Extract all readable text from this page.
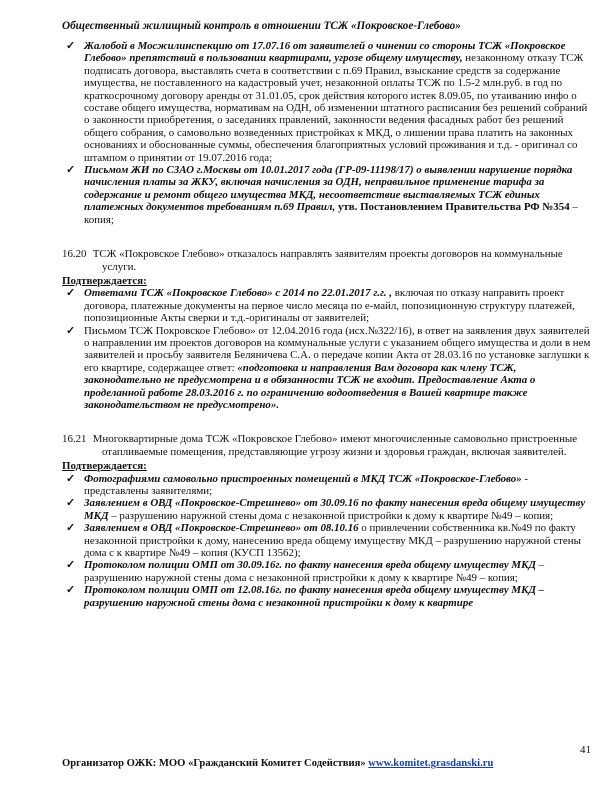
Общественный жилищный контроль в отношении ТСЖ «Покровское-Глебово»

✓ Жалобой в Мосжилинспекцию от 17.07.16 от заявителей о чинении со стороны ТСЖ «Покровское Глебово» препятствий в пользовании квартирами, угрозе общему имуществу, незаконному отказу ТСЖ подписать договора, выставлять счета в соответствии с п.69 Правил, взыскание средств за содержание имущества, не поставленного на кадастровый учет, незаконной оплаты ТСЖ по 1.5-2 млн.руб. в год по краткосрочному договору аренды от 31.01.05, срок действия которого истек 8.09.05, по утаиванию инфо о составе общего имущества, нормативам на ОДН, об изменении штатного расписания без решений собраний о законности приобретения, о заседаниях правлений, законности ведения фасадных работ без решений общего собрания, о самовольно возведенных пристройках к МКД, о лишении права платить на законных основаниях и обоснованные суммы, обеспечения благоприятных условий проживания и т.д. - оригинал со штампом о принятии от 19.07.2016 года;

✓ Письмом ЖИ по СЗАО г.Москвы от 10.01.2017 года (ГР-09-11198/17) о выявлении нарушение порядка начисления платы за ЖКУ, включая начисления за ОДН, неправильное применение тарифа за содержание и ремонт общего имущества МКД, несоответствие выставляемых ТСЖ единых платежных документов требованиям п.69 Правил, утв. Постановлением Правительства РФ №354 – копия;

16.20 ТСЖ «Покровское Глебово» отказалось направлять заявителям проекты договоров на коммунальные услуги.
Подтверждается:

✓ Ответами ТСЖ «Покровское Глебово» с 2014 по 22.01.2017 г.г. , включая по отказу направить проект договора, платежные документы на первое число месяца по e-майл, попозиционную структуру платежей, попозиционные Акты сверки и т.д.-оригиналы от заявителей;

✓ Письмом ТСЖ Покровское Глебово» от 12.04.2016 года (исх.№322/16), в ответ на заявления двух заявителей о направлении им проектов договоров на коммунальные услуги с указанием общего имущества и доли в нем заявителей и просьбу заявителя Беляничева С.А. о передаче копии Акта от 28.03.16 по установке заглушки к его квартире, содержащее ответ: «подготовка и направления Вам договора как члену ТСЖ, законодательно не предусмотрена и в обязанности ТСЖ не входит. Предоставление Акта о проделанной работе 28.03.2016 г. по ограничению водоотведения в Вашей квартире также законодательством не предусмотрено».

16.21 Многоквартирные дома ТСЖ «Покровское Глебово» имеют многочисленные самовольно пристроенные отапливаемые помещения, представляющие угрозу жизни и здоровья граждан, включая заявителей.
Подтверждается:

✓ Фотографиями самовольно пристроенных помещений в МКД ТСЖ «Покровское-Глебово» - представлены заявителями;

✓ Заявлением в ОВД «Покровское-Стрешнево» от 30.09.16 по факту нанесения вреда общему имуществу МКД – разрушению наружной стены дома с незаконной пристройки к дому к квартире №49 – копия;

✓ Заявлением в ОВД «Покровское-Стрешнево» от 08.10.16 о привлечении собственника кв.№49 по факту незаконной пристройки к дому, нанесению вреда общему имуществу МКД – разрушению наружной стены дома с к квартире №49 – копия (КУСП 13562);

✓ Протоколом полиции ОМП от 30.09.16г. по факту нанесения вреда общему имуществу МКД – разрушению наружной стены дома с незаконной пристройки к дому к квартире №49 – копия;

✓ Протоколом полиции ОМП от 12.08.16г. по факту нанесения вреда общему имуществу МКД – разрушению наружной стены дома с незаконной пристройки к дому к квартире

41
Организатор ОЖК: МОО «Гражданский Комитет Содействия» www.komitet.grasdanski.ru
